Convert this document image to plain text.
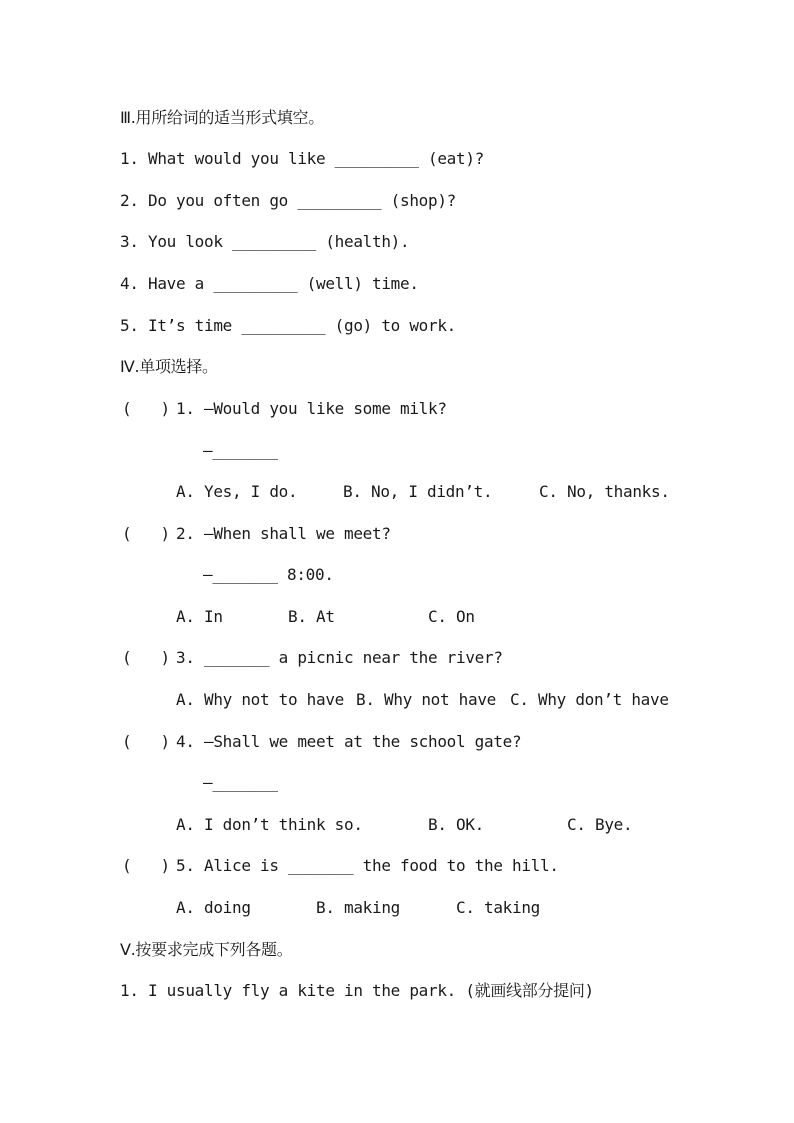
Ⅲ.用所给词的适当形式填空。
1. What would you like _________ (eat)?
2. Do you often go _________ (shop)?
3. You look _________ (health).
4. Have a _________ (well) time.
5. It’s time _________ (go) to work.
Ⅳ.单项选择。
(   ) 1. —Would you like some milk?
—_______
A. Yes, I do.	B. No, I didn’t.	C. No, thanks.
(   ) 2. —When shall we meet?
—_______ 8:00.
A. In	B. At	C. On
(   ) 3. _______ a picnic near the river?
A. Why not to have B. Why not have C. Why don’t have
(   ) 4. —Shall we meet at the school gate?
—_______
A. I don’t think so.	B. OK.	C. Bye.
(   ) 5. Alice is _______ the food to the hill.
A. doing	B. making	C. taking
Ⅴ.按要求完成下列各题。
1. I usually fly a kite in the park. (就画线部分提问)
